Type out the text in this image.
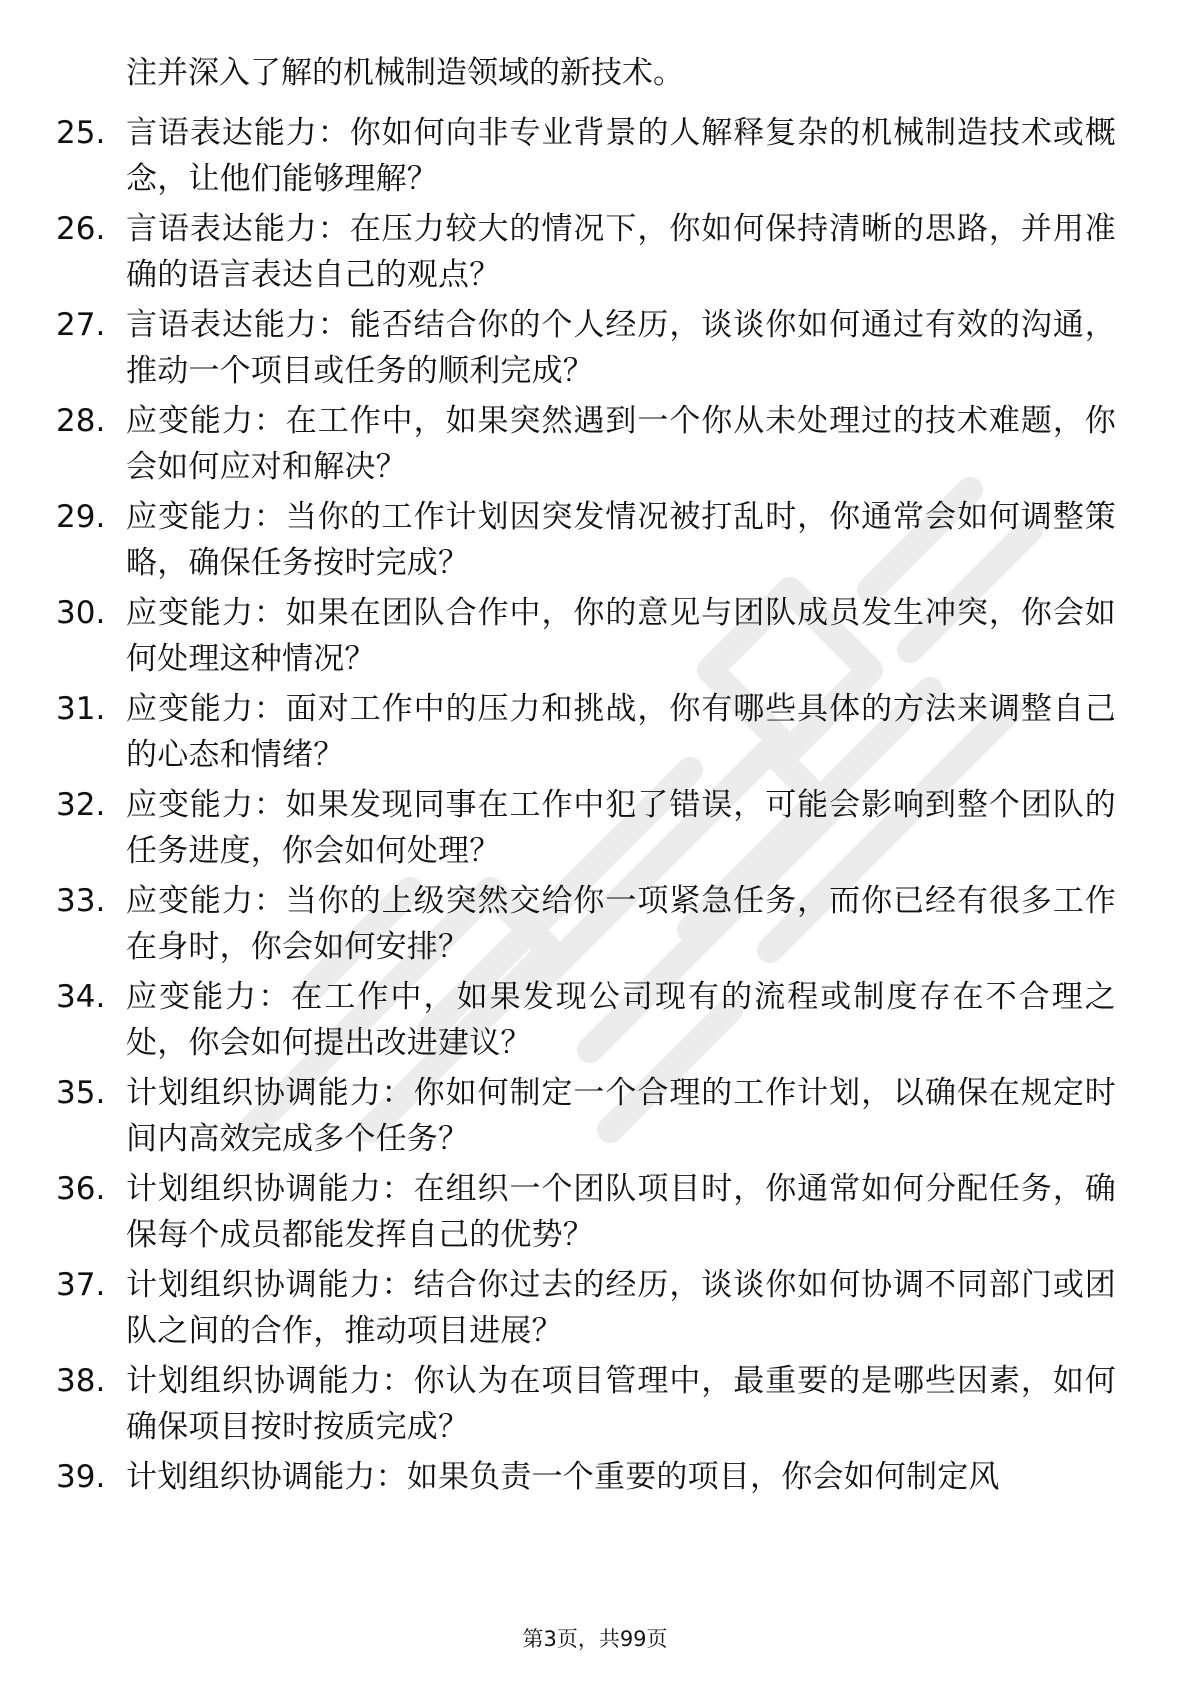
注并深入了解的机械制造领域的新技术。

25. 言语表达能力：你如何向非专业背景的人解释复杂的机械制造技术或概念，让他们能够理解？
26. 言语表达能力：在压力较大的情况下，你如何保持清晰的思路，并用准确的语言表达自己的观点？
27. 言语表达能力：能否结合你的个人经历，谈谈你如何通过有效的沟通，推动一个项目或任务的顺利完成？
28. 应变能力：在工作中，如果突然遇到一个你从未处理过的技术难题，你会如何应对和解决？
29. 应变能力：当你的工作计划因突发情况被打乱时，你通常会如何调整策略，确保任务按时完成？
30. 应变能力：如果在团队合作中，你的意见与团队成员发生冲突，你会如何处理这种情况？
31. 应变能力：面对工作中的压力和挑战，你有哪些具体的方法来调整自己的心态和情绪？
32. 应变能力：如果发现同事在工作中犯了错误，可能会影响到整个团队的任务进度，你会如何处理？
33. 应变能力：当你的上级突然交给你一项紧急任务，而你已经有很多工作在身时，你会如何安排？
34. 应变能力：在工作中，如果发现公司现有的流程或制度存在不合理之处，你会如何提出改进建议？
35. 计划组织协调能力：你如何制定一个合理的工作计划，以确保在规定时间内高效完成多个任务？
36. 计划组织协调能力：在组织一个团队项目时，你通常如何分配任务，确保每个成员都能发挥自己的优势？
37. 计划组织协调能力：结合你过去的经历，谈谈你如何协调不同部门或团队之间的合作，推动项目进展？
38. 计划组织协调能力：你认为在项目管理中，最重要的是哪些因素，如何确保项目按时按质完成？
39. 计划组织协调能力：如果负责一个重要的项目，你会如何制定风
第3页，共99页
